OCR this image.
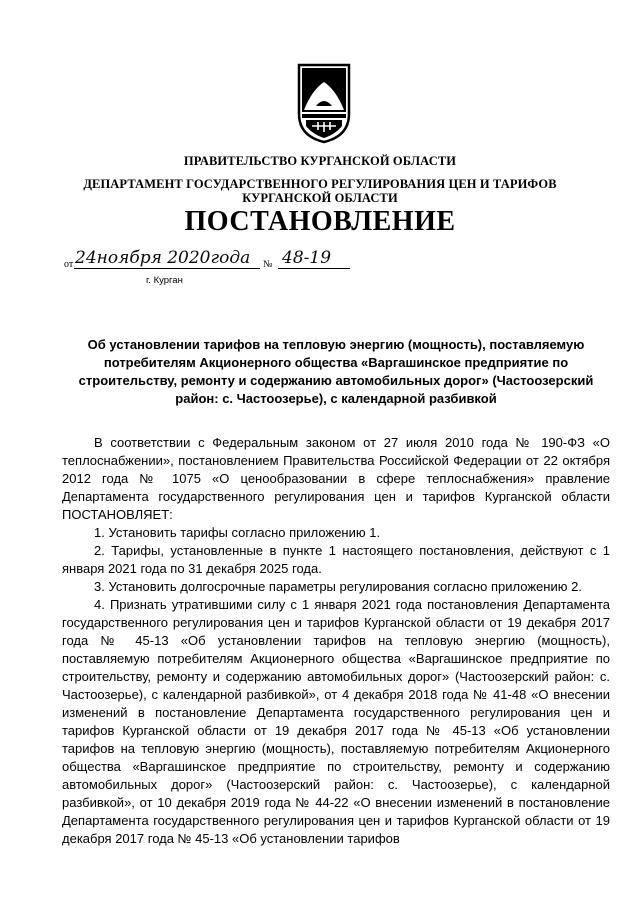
ПРАВИТЕЛЬСТВО КУРГАНСКОЙ ОБЛАСТИ
ДЕПАРТАМЕНТ ГОСУДАРСТВЕННОГО РЕГУЛИРОВАНИЯ ЦЕН И ТАРИФОВ
КУРГАНСКОЙ ОБЛАСТИ
ПОСТАНОВЛЕНИЕ
от 24ноября 2020года № 48-19
г. Курган
Об установлении тарифов на тепловую энергию (мощность), поставляемую потребителям Акционерного общества «Варгашинское предприятие по строительству, ремонту и содержанию автомобильных дорог» (Частоозерский район: с. Частоозерье), с календарной разбивкой

В соответствии с Федеральным законом от 27 июля 2010 года № 190-ФЗ «О теплоснабжении», постановлением Правительства Российской Федерации от 22 октября 2012 года № 1075 «О ценообразовании в сфере теплоснабжения» правление Департамента государственного регулирования цен и тарифов Курганской области ПОСТАНОВЛЯЕТ:

1. Установить тарифы согласно приложению 1.

2. Тарифы, установленные в пункте 1 настоящего постановления, действуют с 1 января 2021 года по 31 декабря 2025 года.

3. Установить долгосрочные параметры регулирования согласно приложению 2.

4. Признать утратившими силу с 1 января 2021 года постановления Департамента государственного регулирования цен и тарифов Курганской области от 19 декабря 2017 года № 45-13 «Об установлении тарифов на тепловую энергию (мощность), поставляемую потребителям Акционерного общества «Варгашинское предприятие по строительству, ремонту и содержанию автомобильных дорог» (Частоозерский район: с. Частоозерье), с календарной разбивкой», от 4 декабря 2018 года № 41-48 «О внесении изменений в постановление Департамента государственного регулирования цен и тарифов Курганской области от 19 декабря 2017 года № 45-13 «Об установлении тарифов на тепловую энергию (мощность), поставляемую потребителям Акционерного общества «Варгашинское предприятие по строительству, ремонту и содержанию автомобильных дорог» (Частоозерский район: с. Частоозерье), с календарной разбивкой», от 10 декабря 2019 года № 44-22 «О внесении изменений в постановление Департамента государственного регулирования цен и тарифов Курганской области от 19 декабря 2017 года № 45-13 «Об установлении тарифов
